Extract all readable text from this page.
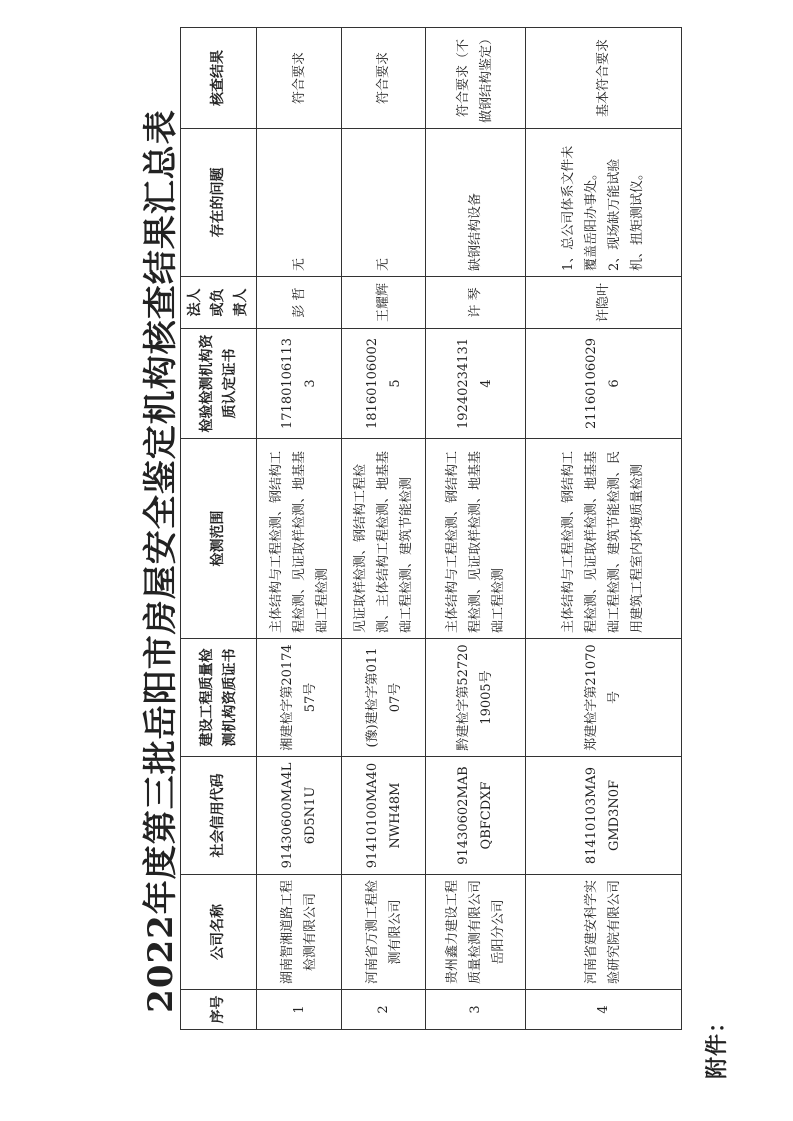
附件：
2022年度第三批岳阳市房屋安全鉴定机构核查结果汇总表 序号	公司名称	社会信用代码	建设工程质量检测机构资质证书	检测范围	检验检测机构资质认定证书	法人或负责人	存在的问题	核查结果
1	湖南智湘道路工程检测有限公司	91430600MA4L6D5N1U	湘建检字第2017457号	主体结构与工程检测、钢结构工程检测、见证取样检测、地基基础工程检测	171801061133	彭 哲	无	符合要求
2	河南省万测工程检测有限公司	91410100MA40NWH48M	(豫)建检字第01107号	见证取样检测、钢结构工程检测、主体结构工程检测、地基基础工程检测、建筑节能检测	181601060025	王耀辉	无	符合要求
3	贵州鑫力建设工程质量检测有限公司岳阳分公司	91430602MABQBFCDXF	黔建检字第5272019005号	主体结构与工程检测、钢结构工程检测、见证取样检测、地基基础工程检测	192402341314	许 琴	缺钢结构设备	符合要求（不做钢结构鉴定）
4	河南省建安科学实验研究院有限公司	81410103MA9GMD3N0F	郑建检字第21070号	主体结构与工程检测、钢结构工程检测、见证取样检测、地基基础工程检测、建筑节能检测、民用建筑工程室内环境质量检测	211601060296	许隐叶	1、总公司体系文件未覆盖岳阳办事处。
2、现场缺万能试验机、扭矩测试仪。	基本符合要求
